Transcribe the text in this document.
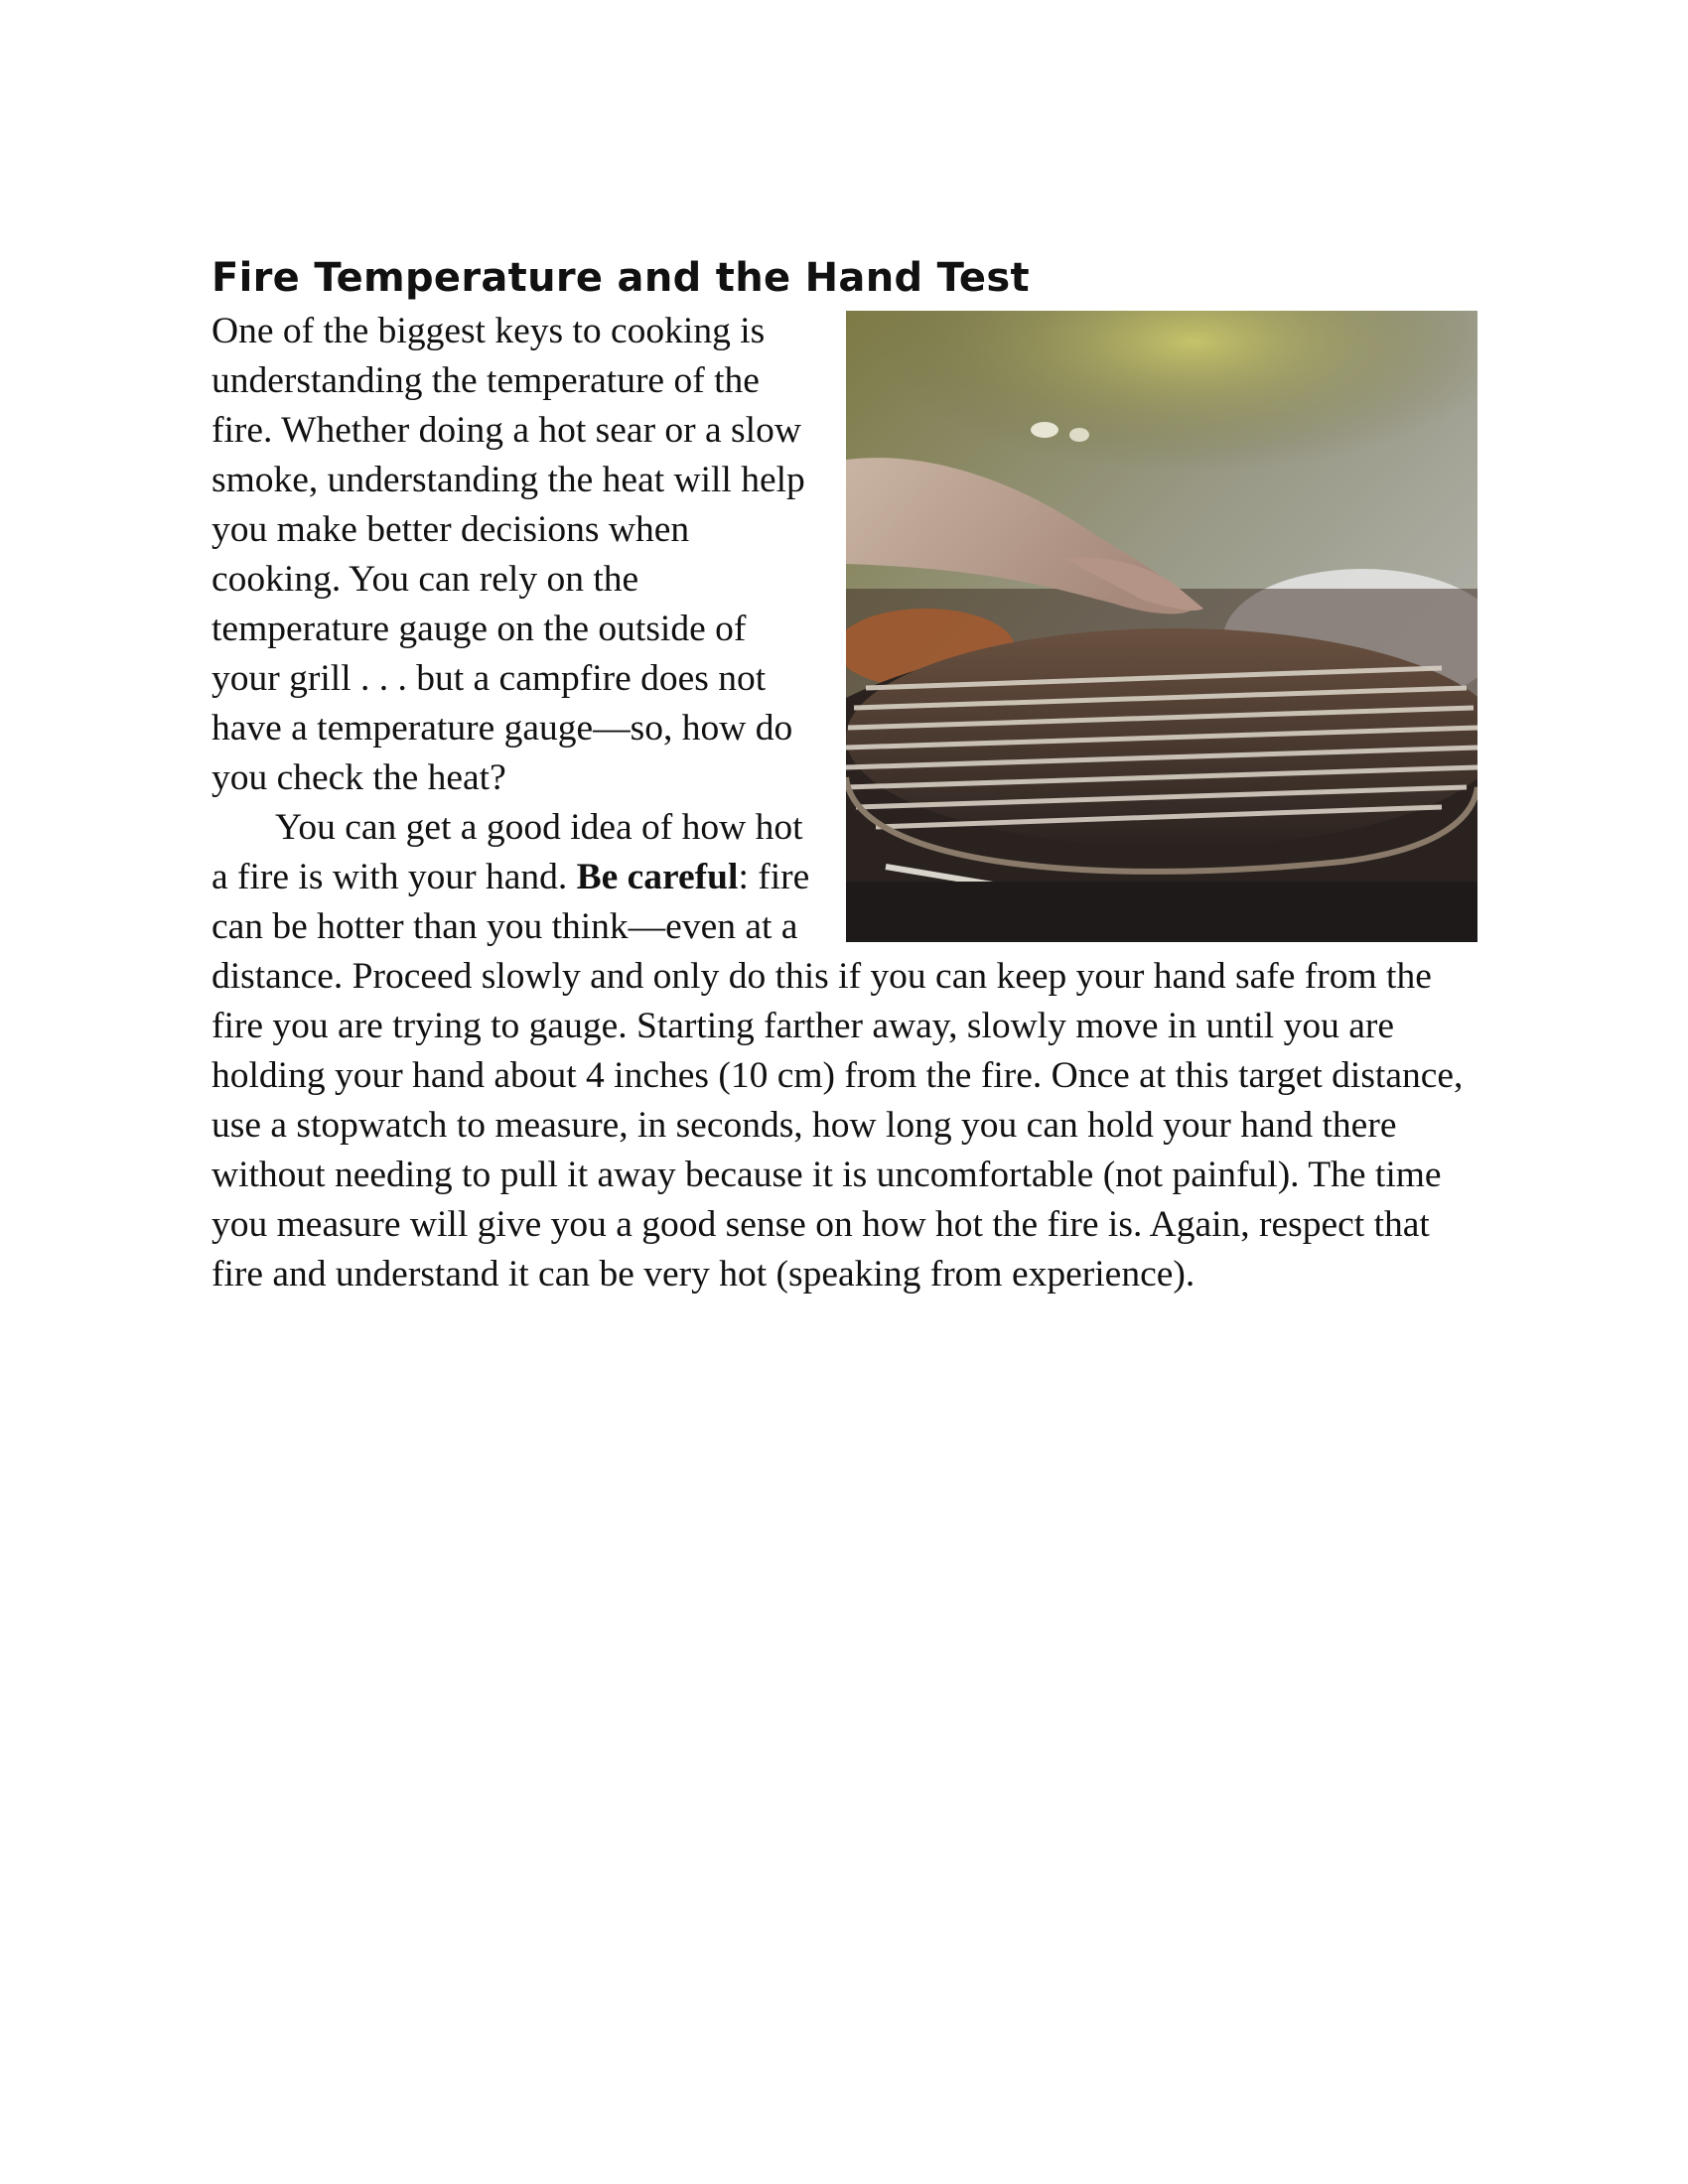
Fire Temperature and the Hand Test

One of the biggest keys to cooking is understanding the temperature of the fire. Whether doing a hot sear or a slow smoke, understanding the heat will help you make better decisions when cooking. You can rely on the temperature gauge on the outside of your grill . . . but a campfire does not have a temperature gauge—so, how do you check the heat?

You can get a good idea of how hot a fire is with your hand. Be careful: fire can be hotter than you think—even at a distance. Proceed slowly and only do this if you can keep your hand safe from the fire you are trying to gauge. Starting farther away, slowly move in until you are holding your hand about 4 inches (10 cm) from the fire. Once at this target distance, use a stopwatch to measure, in seconds, how long you can hold your hand there without needing to pull it away because it is uncomfortable (not painful). The time you measure will give you a good sense on how hot the fire is. Again, respect that fire and understand it can be very hot (speaking from experience).
